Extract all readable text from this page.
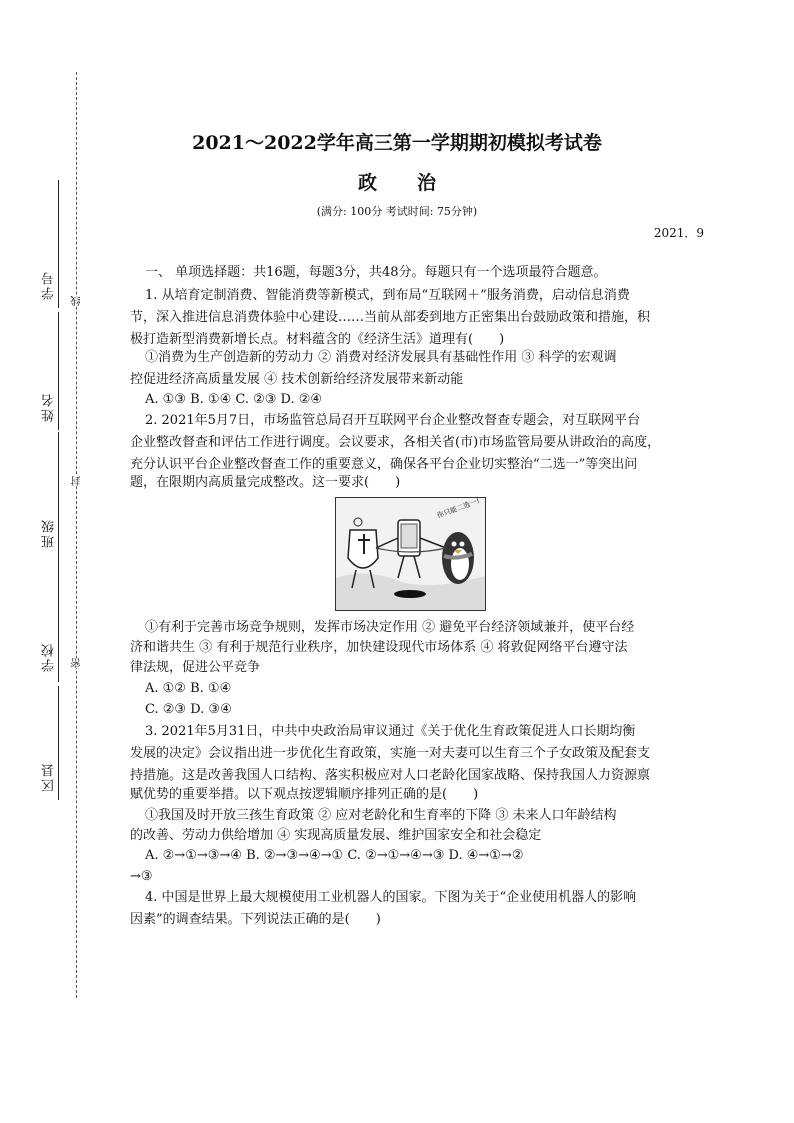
学号
姓名
班级
学校
区县
线
封
密
2021～2022学年高三第一学期期初模拟考试卷
政治
(满分: 100分 考试时间: 75分钟)
2021．9
一、 单项选择题：共16题，每题3分，共48分。每题只有一个选项最符合题意。
1. 从培育定制消费、智能消费等新模式，到布局“互联网＋”服务消费，启动信息消费
节，深入推进信息消费体验中心建设……当前从部委到地方正密集出台鼓励政策和措施，积
极打造新型消费新增长点。材料蕴含的《经济生活》道理有(　　)
①消费为生产创造新的劳动力 ② 消费对经济发展具有基础性作用 ③ 科学的宏观调
控促进经济高质量发展 ④ 技术创新给经济发展带来新动能
A. ①③ B. ①④ C. ②③ D. ②④
2. 2021年5月7日，市场监管总局召开互联网平台企业整改督查专题会，对互联网平台
企业整改督查和评估工作进行调度。会议要求，各相关省(市)市场监管局要从讲政治的高度，
充分认识平台企业整改督查工作的重要意义，确保各平台企业切实整治“二选一”等突出问
题，在限期内高质量完成整改。这一要求(　　)
你只能二选一!
①有利于完善市场竞争规则，发挥市场决定作用 ② 避免平台经济领域兼并，使平台经
济和谐共生 ③ 有利于规范行业秩序，加快建设现代市场体系 ④ 将敦促网络平台遵守法
律法规，促进公平竞争
A. ①② B. ①④
C. ②③ D. ③④
3. 2021年5月31日，中共中央政治局审议通过《关于优化生育政策促进人口长期均衡
发展的决定》会议指出进一步优化生育政策，实施一对夫妻可以生育三个子女政策及配套支
持措施。这是改善我国人口结构、落实积极应对人口老龄化国家战略、保持我国人力资源禀
赋优势的重要举措。以下观点按逻辑顺序排列正确的是(　　)
①我国及时开放三孩生育政策 ② 应对老龄化和生育率的下降 ③ 未来人口年龄结构
的改善、劳动力供给增加 ④ 实现高质量发展、维护国家安全和社会稳定
A. ②→①→③→④ B. ②→③→④→① C. ②→①→④→③ D. ④→①→②
→③
4. 中国是世界上最大规模使用工业机器人的国家。下图为关于“企业使用机器人的影响
因素”的调查结果。下列说法正确的是(　　)
